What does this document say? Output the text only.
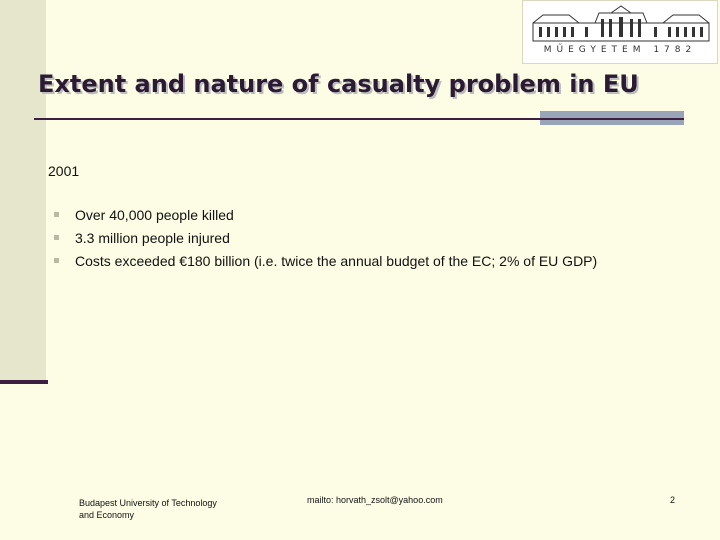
MŰEGYETEM 1782
Extent and nature of casualty problem in EU
2001
Over 40,000 people killed
3.3 million people injured
Costs exceeded €180 billion (i.e. twice the annual budget of the EC; 2% of EU GDP)
Budapest University of Technology and Economy
mailto: horvath_zsolt@yahoo.com	2
